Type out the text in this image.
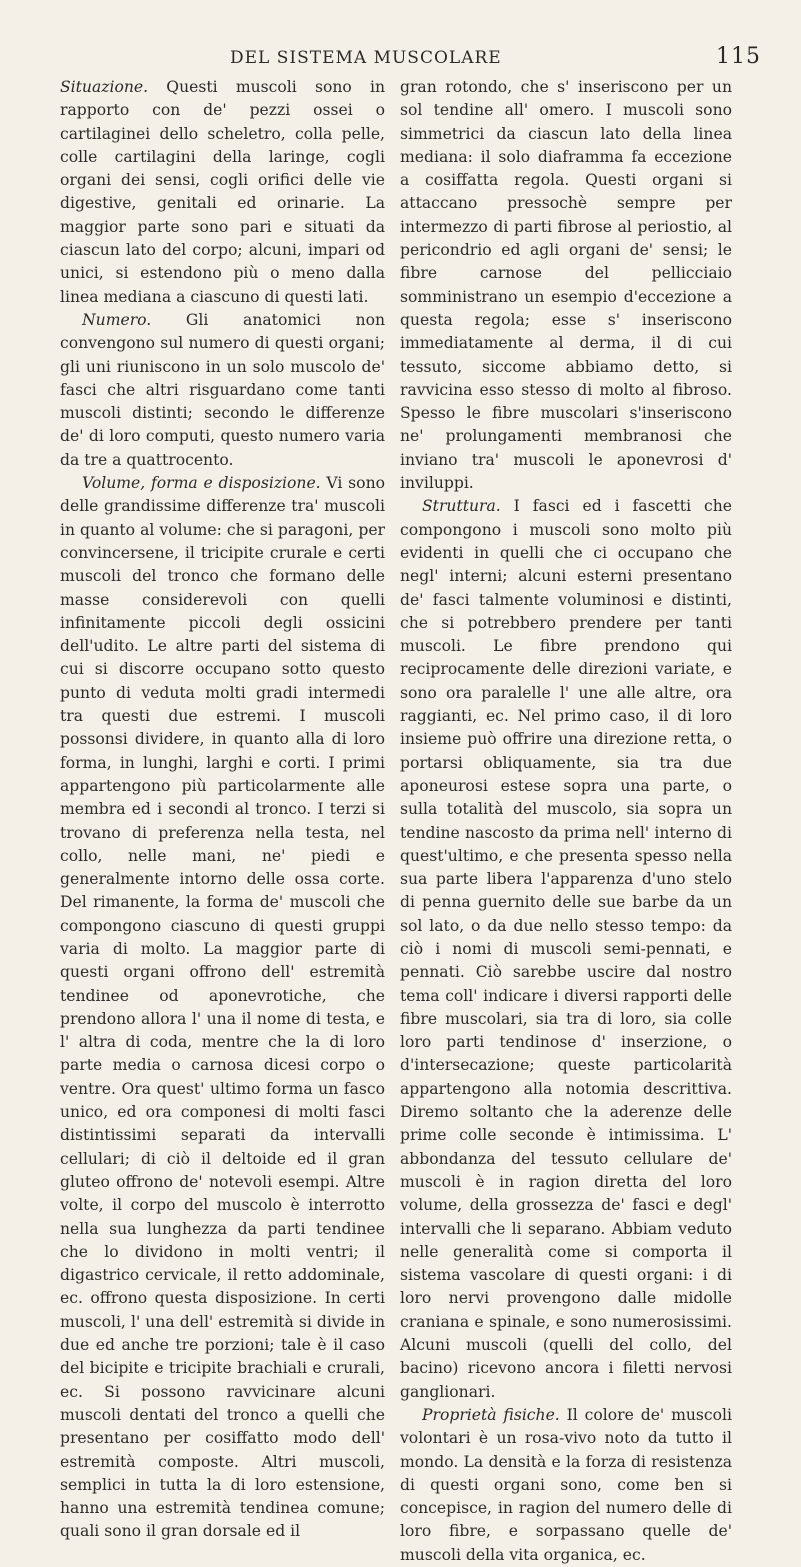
DEL SISTEMA MUSCOLARE	115

Situazione. Questi muscoli sono in rapporto con de' pezzi ossei o cartilaginei dello scheletro, colla pelle, colle cartilagini della laringe, cogli organi dei sensi, cogli orifici delle vie digestive, genitali ed orinarie. La maggior parte sono pari e situati da ciascun lato del corpo; alcuni, impari od unici, si estendono più o meno dalla linea mediana a ciascuno di questi lati.

Numero. Gli anatomici non convengono sul numero di questi organi; gli uni riuniscono in un solo muscolo de' fasci che altri risguardano come tanti muscoli distinti; secondo le differenze de' di loro computi, questo numero varia da tre a quattrocento.

Volume, forma e disposizione. Vi sono delle grandissime differenze tra' muscoli in quanto al volume: che si paragoni, per convincersene, il tricipite crurale e certi muscoli del tronco che formano delle masse considerevoli con quelli infinitamente piccoli degli ossicini dell'udito. Le altre parti del sistema di cui si discorre occupano sotto questo punto di veduta molti gradi intermedi tra questi due estremi. I muscoli possonsi dividere, in quanto alla di loro forma, in lunghi, larghi e corti. I primi appartengono più particolarmente alle membra ed i secondi al tronco. I terzi si trovano di preferenza nella testa, nel collo, nelle mani, ne' piedi e generalmente intorno delle ossa corte. Del rimanente, la forma de' muscoli che compongono ciascuno di questi gruppi varia di molto. La maggior parte di questi organi offrono dell' estremità tendinee od aponevrotiche, che prendono allora l' una il nome di testa, e l' altra di coda, mentre che la di loro parte media o carnosa dicesi corpo o ventre. Ora quest' ultimo forma un fasco unico, ed ora componesi di molti fasci distintissimi separati da intervalli cellulari; di ciò il deltoide ed il gran gluteo offrono de' notevoli esempi. Altre volte, il corpo del muscolo è interrotto nella sua lunghezza da parti tendinee che lo dividono in molti ventri; il digastrico cervicale, il retto addominale, ec. offrono questa disposizione. In certi muscoli, l' una dell' estremità si divide in due ed anche tre porzioni; tale è il caso del bicipite e tricipite brachiali e crurali, ec. Si possono ravvicinare alcuni muscoli dentati del tronco a quelli che presentano per cosiffatto modo dell' estremità composte. Altri muscoli, semplici in tutta la di loro estensione, hanno una estremità tendinea comune; quali sono il gran dorsale ed il

gran rotondo, che s' inseriscono per un sol tendine all' omero. I muscoli sono simmetrici da ciascun lato della linea mediana: il solo diaframma fa eccezione a cosiffatta regola. Questi organi si attaccano pressochè sempre per intermezzo di parti fibrose al periostio, al pericondrio ed agli organi de' sensi; le fibre carnose del pellicciaio somministrano un esempio d'eccezione a questa regola; esse s' inseriscono immediatamente al derma, il di cui tessuto, siccome abbiamo detto, si ravvicina esso stesso di molto al fibroso. Spesso le fibre muscolari s'inseriscono ne' prolungamenti membranosi che inviano tra' muscoli le aponevrosi d' inviluppi.

Struttura. I fasci ed i fascetti che compongono i muscoli sono molto più evidenti in quelli che ci occupano che negl' interni; alcuni esterni presentano de' fasci talmente voluminosi e distinti, che si potrebbero prendere per tanti muscoli. Le fibre prendono qui reciprocamente delle direzioni variate, e sono ora paralelle l' une alle altre, ora raggianti, ec. Nel primo caso, il di loro insieme può offrire una direzione retta, o portarsi obliquamente, sia tra due aponeurosi estese sopra una parte, o sulla totalità del muscolo, sia sopra un tendine nascosto da prima nell' interno di quest'ultimo, e che presenta spesso nella sua parte libera l'apparenza d'uno stelo di penna guernito delle sue barbe da un sol lato, o da due nello stesso tempo: da ciò i nomi di muscoli semi-pennati, e pennati. Ciò sarebbe uscire dal nostro tema coll' indicare i diversi rapporti delle fibre muscolari, sia tra di loro, sia colle loro parti tendinose d' inserzione, o d'intersecazione; queste particolarità appartengono alla notomia descrittiva. Diremo soltanto che la aderenze delle prime colle seconde è intimissima. L' abbondanza del tessuto cellulare de' muscoli è in ragion diretta del loro volume, della grossezza de' fasci e degl' intervalli che li separano. Abbiam veduto nelle generalità come si comporta il sistema vascolare di questi organi: i di loro nervi provengono dalle midolle craniana e spinale, e sono numerosissimi. Alcuni muscoli (quelli del collo, del bacino) ricevono ancora i filetti nervosi ganglionari.

Proprietà fisiche. Il colore de' muscoli volontari è un rosa-vivo noto da tutto il mondo. La densità e la forza di resistenza di questi organi sono, come ben si concepisce, in ragion del numero delle di loro fibre, e sorpassano quelle de' muscoli della vita organica, ec.
